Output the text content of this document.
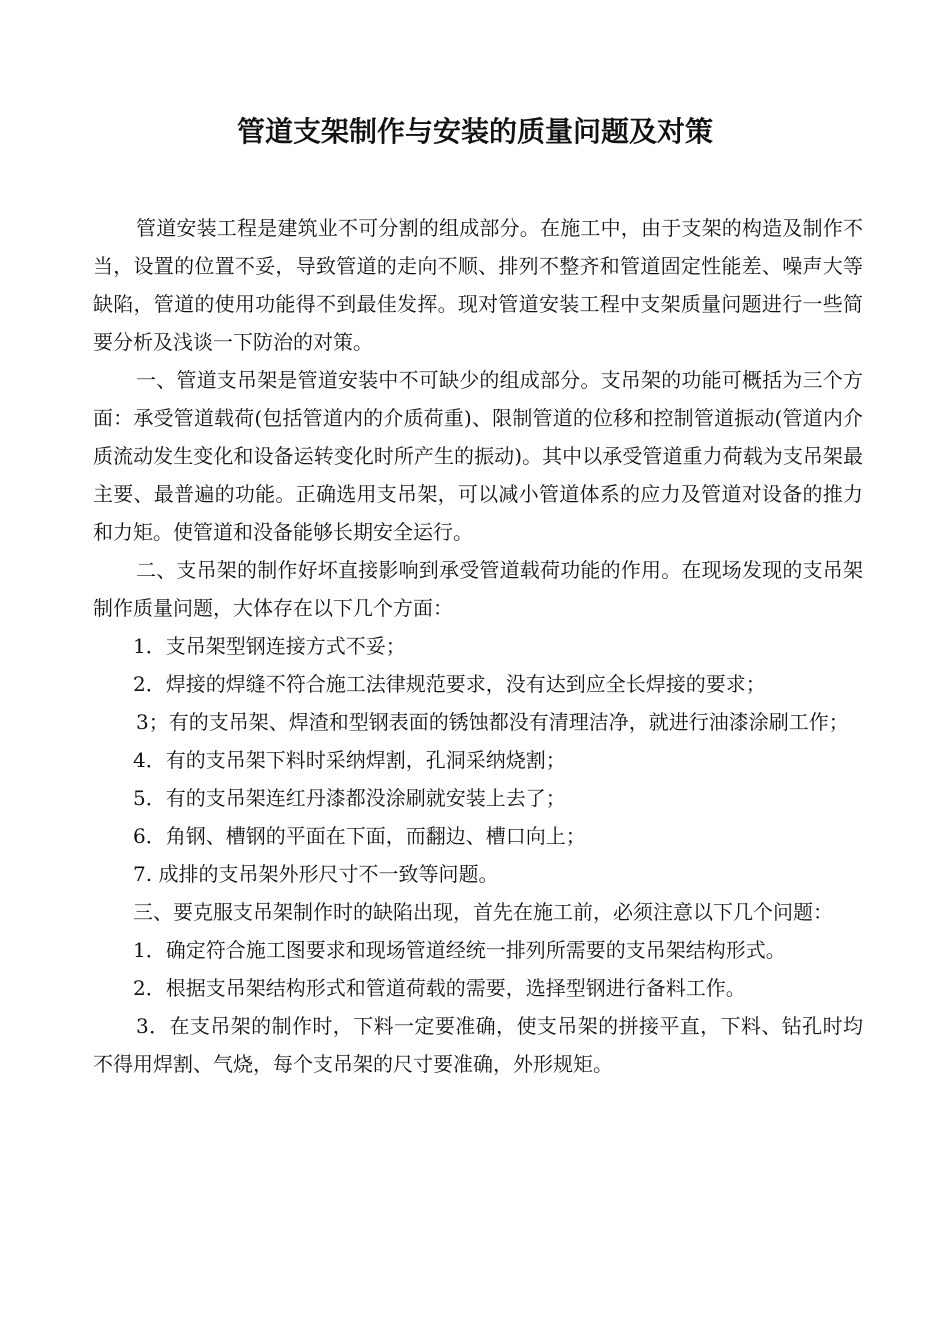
管道支架制作与安装的质量问题及对策

管道安装工程是建筑业不可分割的组成部分。在施工中，由于支架的构造及制作不当，设置的位置不妥，导致管道的走向不顺、排列不整齐和管道固定性能差、噪声大等缺陷，管道的使用功能得不到最佳发挥。现对管道安装工程中支架质量问题进行一些简要分析及浅谈一下防治的对策。

一、管道支吊架是管道安装中不可缺少的组成部分。支吊架的功能可概括为三个方面：承受管道载荷(包括管道内的介质荷重)、限制管道的位移和控制管道振动(管道内介质流动发生变化和设备运转变化时所产生的振动)。其中以承受管道重力荷载为支吊架最主要、最普遍的功能。正确选用支吊架，可以减小管道体系的应力及管道对设备的推力和力矩。使管道和没备能够长期安全运行。

二、支吊架的制作好坏直接影响到承受管道载荷功能的作用。在现场发现的支吊架制作质量问题，大体存在以下几个方面：

1．支吊架型钢连接方式不妥；

2．焊接的焊缝不符合施工法律规范要求，没有达到应全长焊接的要求；

3；有的支吊架、焊渣和型钢表面的锈蚀都没有清理洁净，就进行油漆涂刷工作；

4．有的支吊架下料时采纳焊割，孔洞采纳烧割；

5．有的支吊架连红丹漆都没涂刷就安装上去了；

6．角钢、槽钢的平面在下面，而翻边、槽口向上；

7. 成排的支吊架外形尺寸不一致等问题。

三、要克服支吊架制作时的缺陷出现，首先在施工前，必须注意以下几个问题：

1．确定符合施工图要求和现场管道经统一排列所需要的支吊架结构形式。

2．根据支吊架结构形式和管道荷载的需要，选择型钢进行备料工作。

3．在支吊架的制作时，下料一定要准确，使支吊架的拼接平直，下料、钻孔时均不得用焊割、气烧，每个支吊架的尺寸要准确，外形规矩。
